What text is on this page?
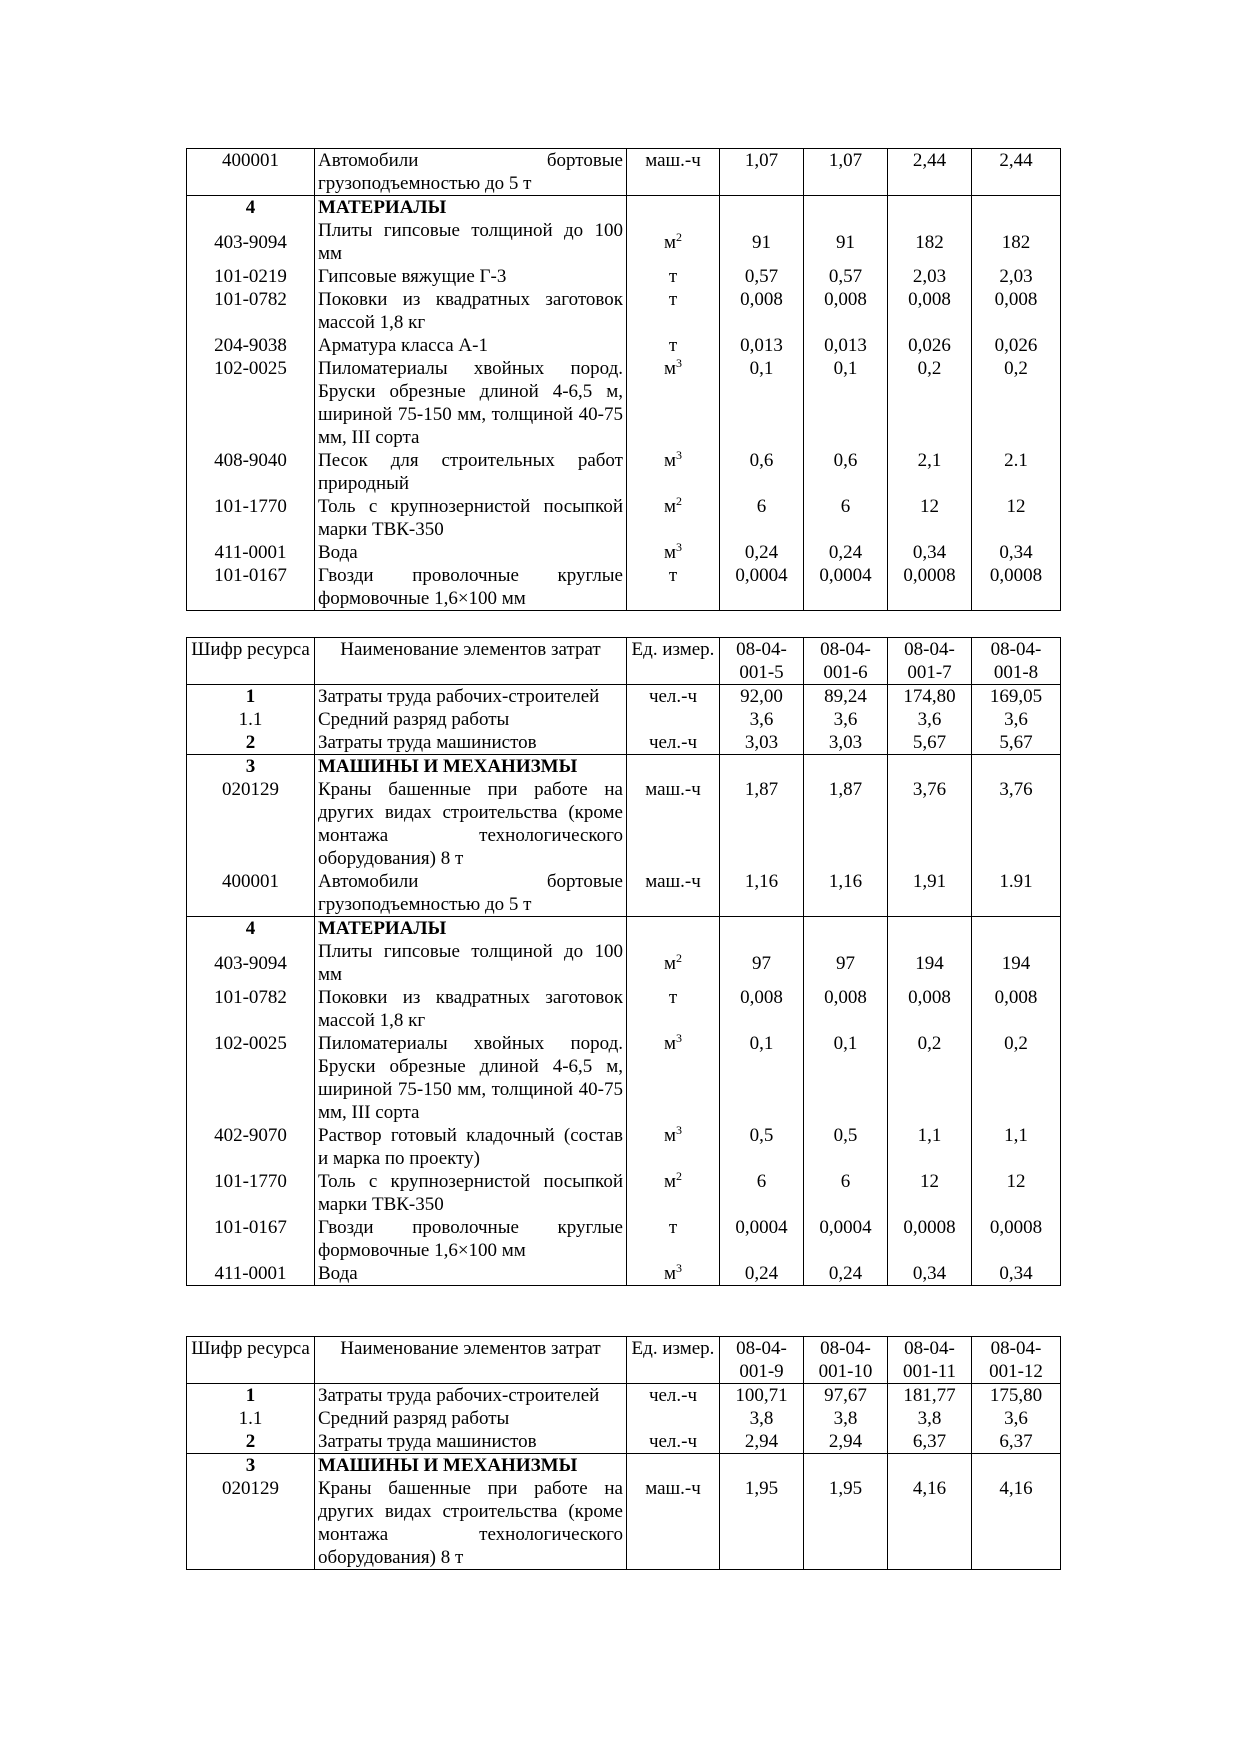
400001	Автомобили бортовые грузоподъемностью до 5 т	маш.-ч	1,07	1,07	2,44	2,44
4	МАТЕРИАЛЫ					
403-9094	Плиты гипсовые толщиной до 100 мм	$м^2$	91	91	182	182
101-0219	Гипсовые вяжущие Г-3	т	0,57	0,57	2,03	2,03
101-0782	Поковки из квадратных заготовок массой 1,8 кг	т	0,008	0,008	0,008	0,008
204-9038	Арматура класса А-1	т	0,013	0,013	0,026	0,026
102-0025	Пиломатериалы хвойных пород. Бруски обрезные длиной 4-6,5 м, шириной 75-150 мм, толщиной 40-75 мм, III сорта	$м^3$	0,1	0,1	0,2	0,2
408-9040	Песок для строительных работ природный	$м^3$	0,6	0,6	2,1	2.1
101-1770	Толь с крупнозернистой посыпкой марки ТВК-350	$м^2$	6	6	12	12
411-0001	Вода	$м^3$	0,24	0,24	0,34	0,34
101-0167	Гвозди проволочные круглые формовочные 1,6×100 мм	т	0,0004	0,0004	0,0008	0,0008
Шифр ресурса	Наименование элементов затрат	Ед. измер.	08-04-001-5	08-04-001-6	08-04-001-7	08-04-001-8
1	Затраты труда рабочих-строителей	чел.-ч	92,00	89,24	174,80	169,05
1.1	Средний разряд работы		3,6	3,6	3,6	3,6
2	Затраты труда машинистов	чел.-ч	3,03	3,03	5,67	5,67
3	МАШИНЫ И МЕХАНИЗМЫ					
020129	Краны башенные при работе на других видах строительства (кроме монтажа технологического оборудования) 8 т	маш.-ч	1,87	1,87	3,76	3,76
400001	Автомобили бортовые грузоподъемностью до 5 т	маш.-ч	1,16	1,16	1,91	1.91
4	МАТЕРИАЛЫ					
403-9094	Плиты гипсовые толщиной до 100 мм	$м^2$	97	97	194	194
101-0782	Поковки из квадратных заготовок массой 1,8 кг	т	0,008	0,008	0,008	0,008
102-0025	Пиломатериалы хвойных пород. Бруски обрезные длиной 4-6,5 м, шириной 75-150 мм, толщиной 40-75 мм, III сорта	$м^3$	0,1	0,1	0,2	0,2
402-9070	Раствор готовый кладочный (состав и марка по проекту)	$м^3$	0,5	0,5	1,1	1,1
101-1770	Толь с крупнозернистой посыпкой марки ТВК-350	$м^2$	6	6	12	12
101-0167	Гвозди проволочные круглые формовочные 1,6×100 мм	т	0,0004	0,0004	0,0008	0,0008
411-0001	Вода	$м^3$	0,24	0,24	0,34	0,34
Шифр ресурса	Наименование элементов затрат	Ед. измер.	08-04-001-9	08-04-001-10	08-04-001-11	08-04-001-12
1	Затраты труда рабочих-строителей	чел.-ч	100,71	97,67	181,77	175,80
1.1	Средний разряд работы		3,8	3,8	3,8	3,6
2	Затраты труда машинистов	чел.-ч	2,94	2,94	6,37	6,37
3	МАШИНЫ И МЕХАНИЗМЫ					
020129	Краны башенные при работе на других видах строительства (кроме монтажа технологического оборудования) 8 т	маш.-ч	1,95	1,95	4,16	4,16
